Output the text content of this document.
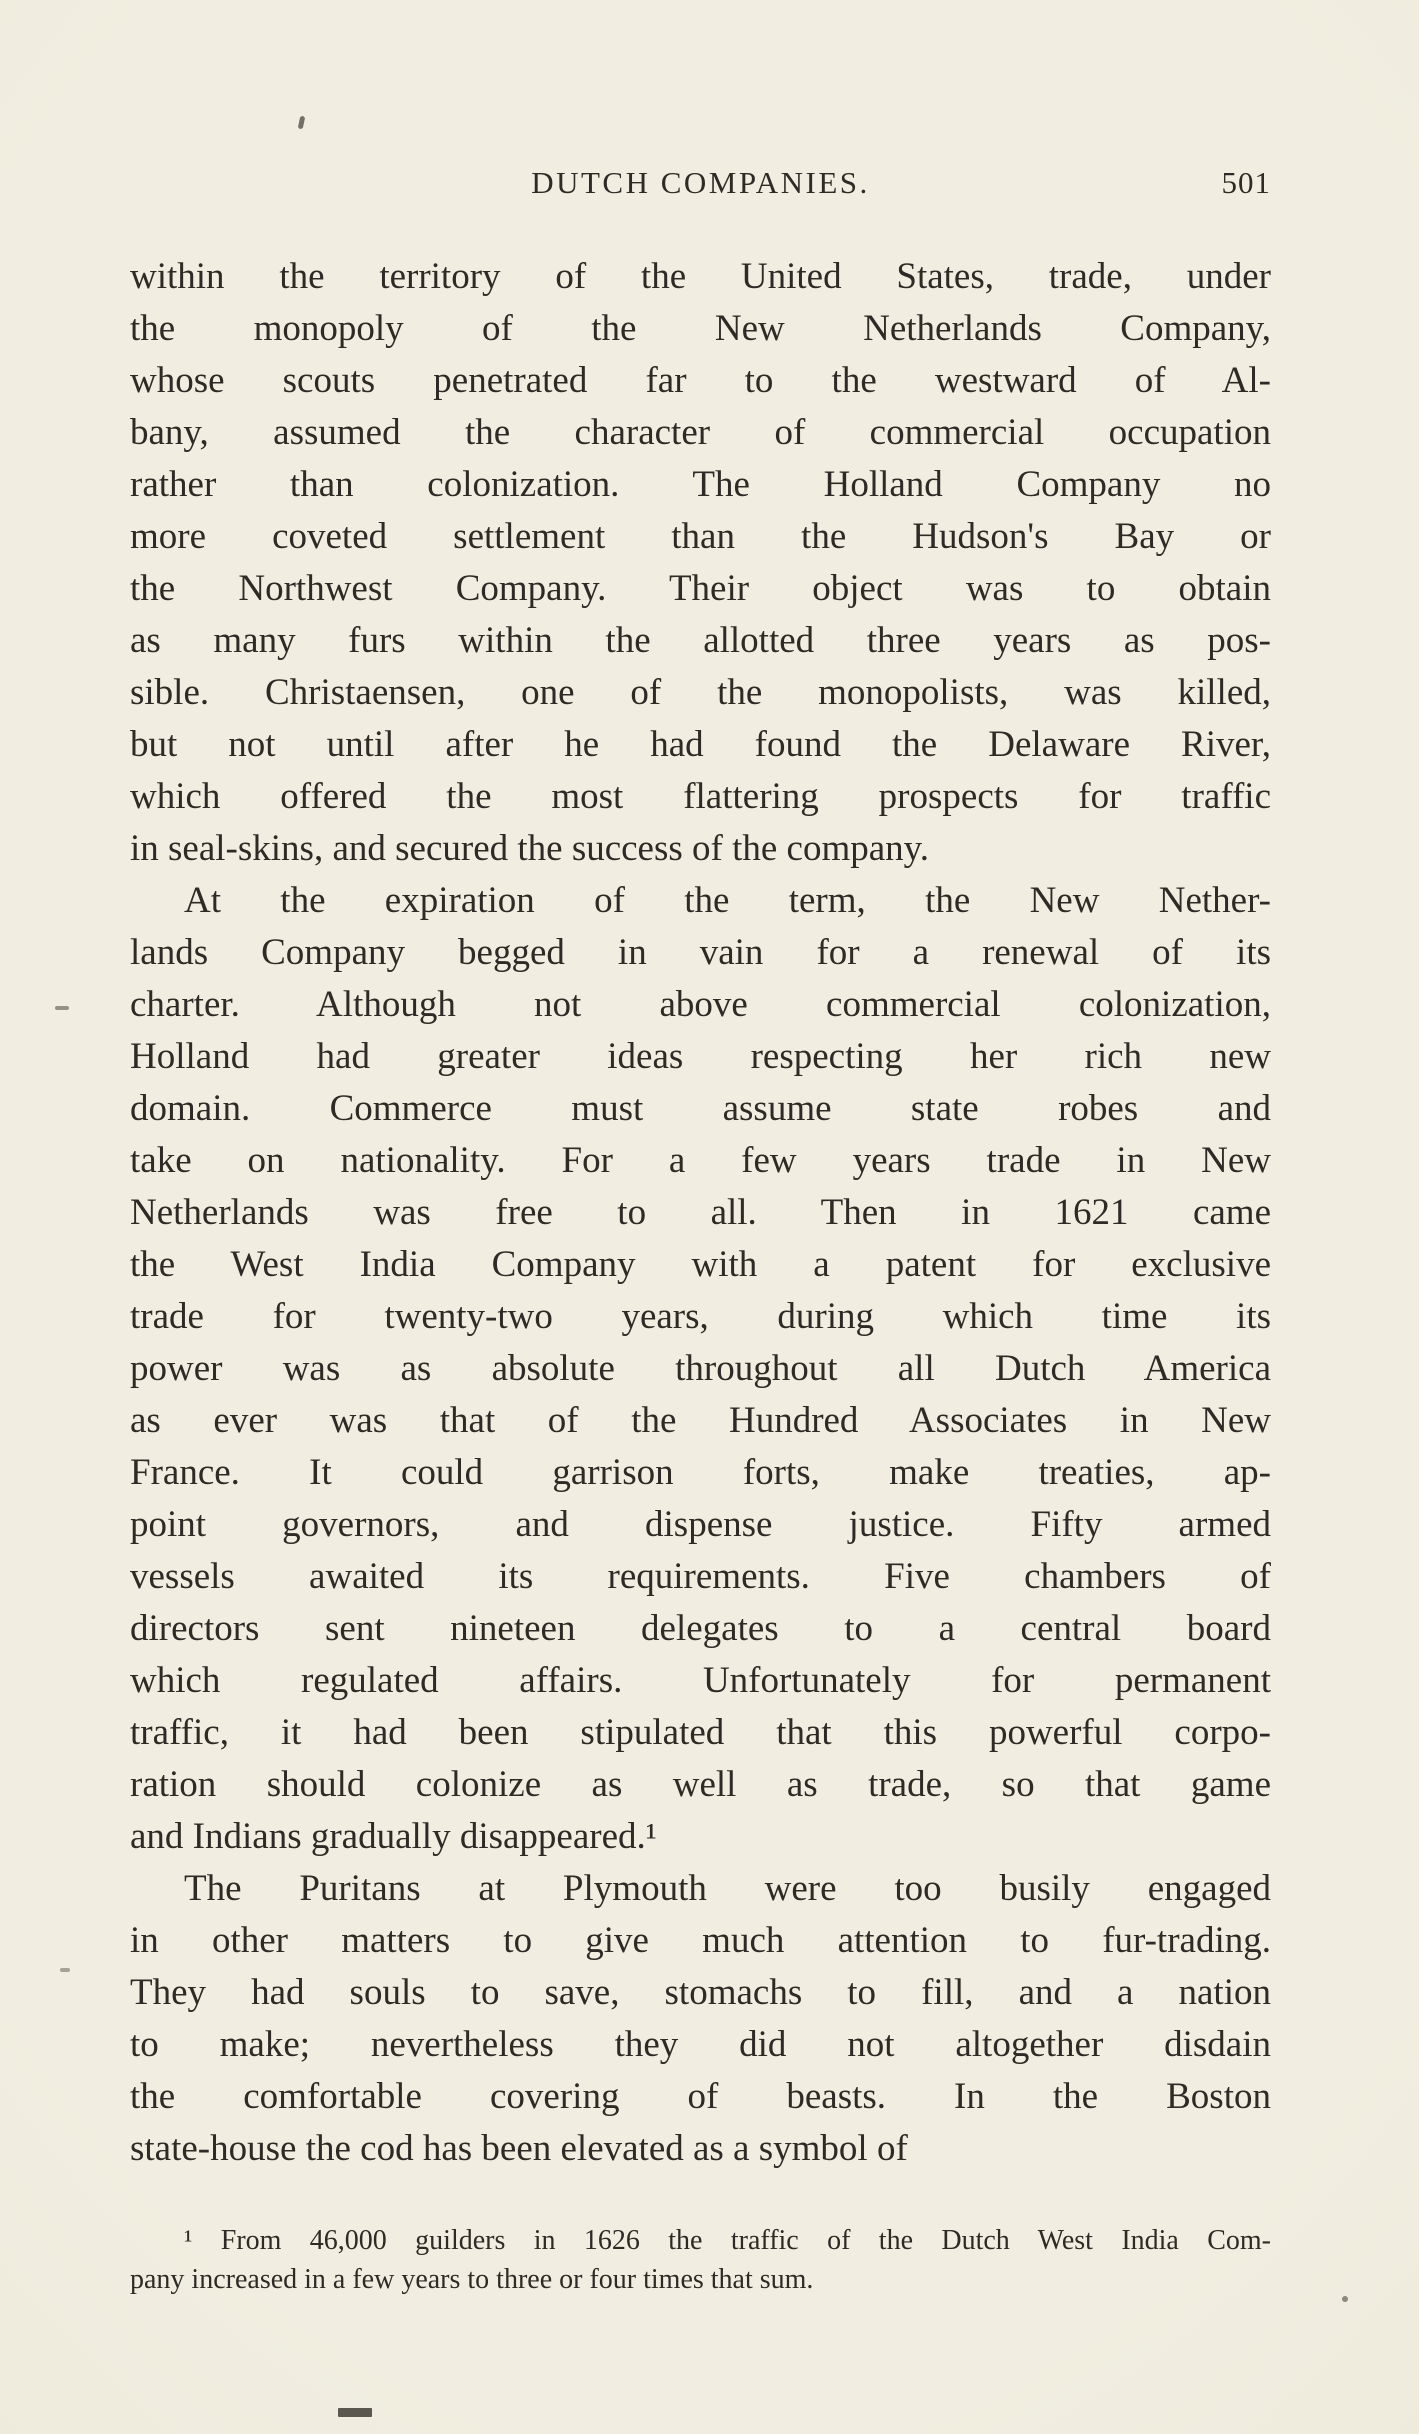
DUTCH COMPANIES.	501
within the territory of the United States, trade, under
the monopoly of the New Netherlands Company,
whose scouts penetrated far to the westward of Al-
bany, assumed the character of commercial occupation
rather than colonization. The Holland Company no
more coveted settlement than the Hudson's Bay or
the Northwest Company. Their object was to obtain
as many furs within the allotted three years as pos-
sible. Christaensen, one of the monopolists, was killed,
but not until after he had found the Delaware River,
which offered the most flattering prospects for traffic
in seal-skins, and secured the success of the company.
At the expiration of the term, the New Nether-
lands Company begged in vain for a renewal of its
charter. Although not above commercial colonization,
Holland had greater ideas respecting her rich new
domain. Commerce must assume state robes and
take on nationality. For a few years trade in New
Netherlands was free to all. Then in 1621 came
the West India Company with a patent for exclusive
trade for twenty-two years, during which time its
power was as absolute throughout all Dutch America
as ever was that of the Hundred Associates in New
France. It could garrison forts, make treaties, ap-
point governors, and dispense justice. Fifty armed
vessels awaited its requirements. Five chambers of
directors sent nineteen delegates to a central board
which regulated affairs. Unfortunately for permanent
traffic, it had been stipulated that this powerful corpo-
ration should colonize as well as trade, so that game
and Indians gradually disappeared.¹
The Puritans at Plymouth were too busily engaged
in other matters to give much attention to fur-trading.
They had souls to save, stomachs to fill, and a nation
to make; nevertheless they did not altogether disdain
the comfortable covering of beasts. In the Boston
state-house the cod has been elevated as a symbol of
¹ From 46,000 guilders in 1626 the traffic of the Dutch West India Com-
pany increased in a few years to three or four times that sum.
